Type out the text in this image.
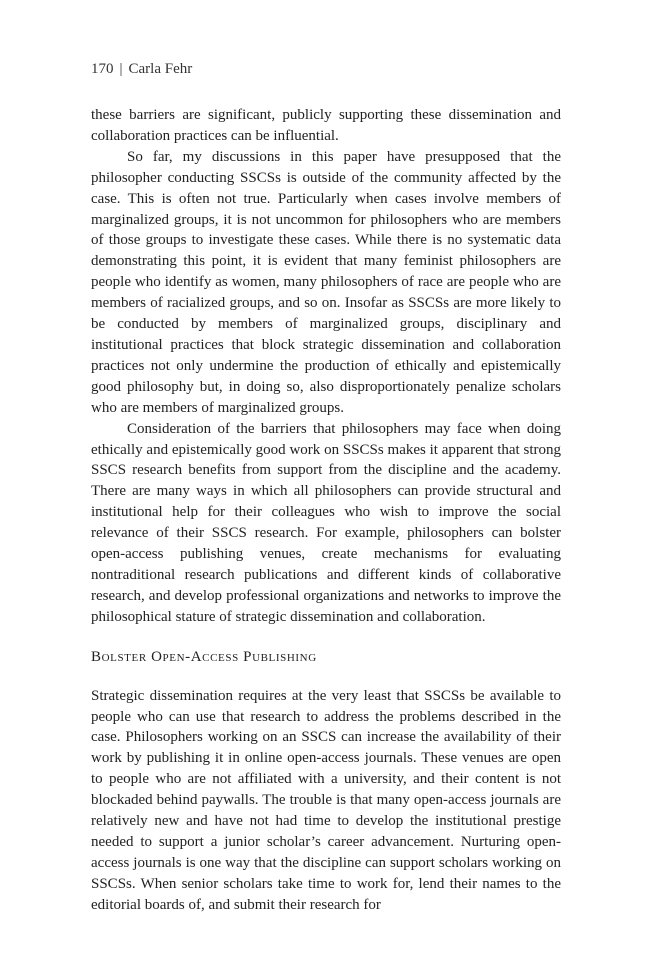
170 | Carla Fehr

these barriers are significant, publicly supporting these dissemination and collaboration practices can be influential.

So far, my discussions in this paper have presupposed that the philosopher conducting SSCSs is outside of the community affected by the case. This is often not true. Particularly when cases involve members of marginalized groups, it is not uncommon for philosophers who are members of those groups to investigate these cases. While there is no systematic data demonstrating this point, it is evident that many feminist philosophers are people who identify as women, many philosophers of race are people who are members of racialized groups, and so on. Insofar as SSCSs are more likely to be conducted by members of marginalized groups, disciplinary and institutional practices that block strategic dissemination and collaboration practices not only undermine the production of ethically and epistemically good philosophy but, in doing so, also disproportionately penalize scholars who are members of marginalized groups.

Consideration of the barriers that philosophers may face when doing ethically and epistemically good work on SSCSs makes it apparent that strong SSCS research benefits from support from the discipline and the academy. There are many ways in which all philosophers can provide structural and institutional help for their colleagues who wish to improve the social relevance of their SSCS research. For example, philosophers can bolster open-access publishing venues, create mechanisms for evaluating nontraditional research publications and different kinds of collaborative research, and develop professional organizations and networks to improve the philosophical stature of strategic dissemination and collaboration.

Bolster Open-Access Publishing

Strategic dissemination requires at the very least that SSCSs be available to people who can use that research to address the problems described in the case. Philosophers working on an SSCS can increase the availability of their work by publishing it in online open-access journals. These venues are open to people who are not affiliated with a university, and their content is not blockaded behind paywalls. The trouble is that many open-access journals are relatively new and have not had time to develop the institutional prestige needed to support a junior scholar’s career advancement. Nurturing open-access journals is one way that the discipline can support scholars working on SSCSs. When senior scholars take time to work for, lend their names to the editorial boards of, and submit their research for
